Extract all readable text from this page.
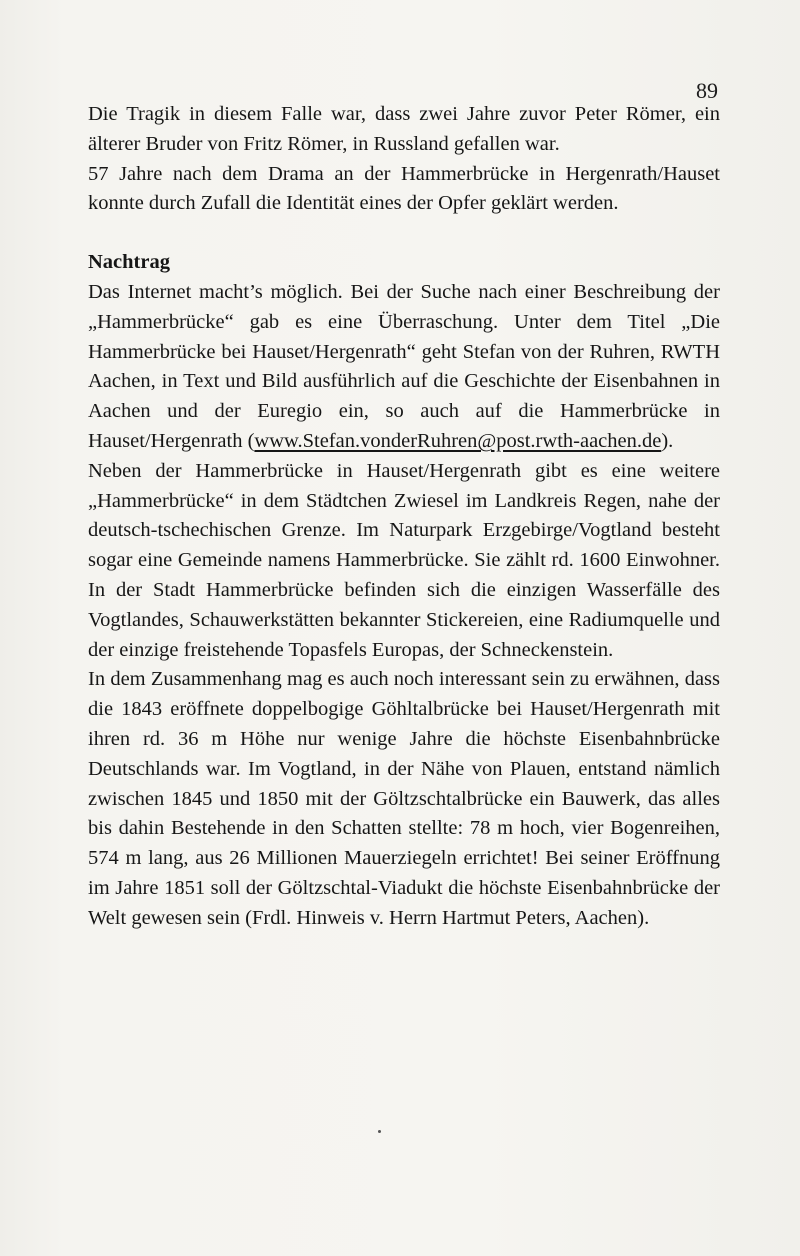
89

Die Tragik in diesem Falle war, dass zwei Jahre zuvor Peter Römer, ein älterer Bruder von Fritz Römer, in Russland gefallen war.

57 Jahre nach dem Drama an der Hammerbrücke in Hergenrath/Hauset konnte durch Zufall die Identität eines der Opfer geklärt werden.

Nachtrag

Das Internet macht’s möglich. Bei der Suche nach einer Beschreibung der „Hammerbrücke“ gab es eine Überraschung. Unter dem Titel „Die Hammerbrücke bei Hauset/Hergenrath“ geht Stefan von der Ruhren, RWTH Aachen, in Text und Bild ausführlich auf die Geschichte der Eisenbahnen in Aachen und der Euregio ein, so auch auf die Hammerbrücke in Hauset/Hergenrath (www.Stefan.vonderRuhren@post.rwth-aachen.de).

Neben der Hammerbrücke in Hauset/Hergenrath gibt es eine weitere „Hammerbrücke“ in dem Städtchen Zwiesel im Landkreis Regen, nahe der deutsch-tschechischen Grenze. Im Naturpark Erzgebirge/Vogtland besteht sogar eine Gemeinde namens Hammerbrücke. Sie zählt rd. 1600 Einwohner. In der Stadt Hammerbrücke befinden sich die einzigen Wasserfälle des Vogtlandes, Schauwerkstätten bekannter Stickereien, eine Radiumquelle und der einzige freistehende Topasfels Europas, der Schneckenstein.

In dem Zusammenhang mag es auch noch interessant sein zu erwähnen, dass die 1843 eröffnete doppelbogige Göhltalbrücke bei Hauset/Hergenrath mit ihren rd. 36 m Höhe nur wenige Jahre die höchste Eisenbahnbrücke Deutschlands war. Im Vogtland, in der Nähe von Plauen, entstand nämlich zwischen 1845 und 1850 mit der Göltzschtalbrücke ein Bauwerk, das alles bis dahin Bestehende in den Schatten stellte: 78 m hoch, vier Bogenreihen, 574 m lang, aus 26 Millionen Mauerziegeln errichtet! Bei seiner Eröffnung im Jahre 1851 soll der Göltzschtal-Viadukt die höchste Eisenbahnbrücke der Welt gewesen sein (Frdl. Hinweis v. Herrn Hartmut Peters, Aachen).
